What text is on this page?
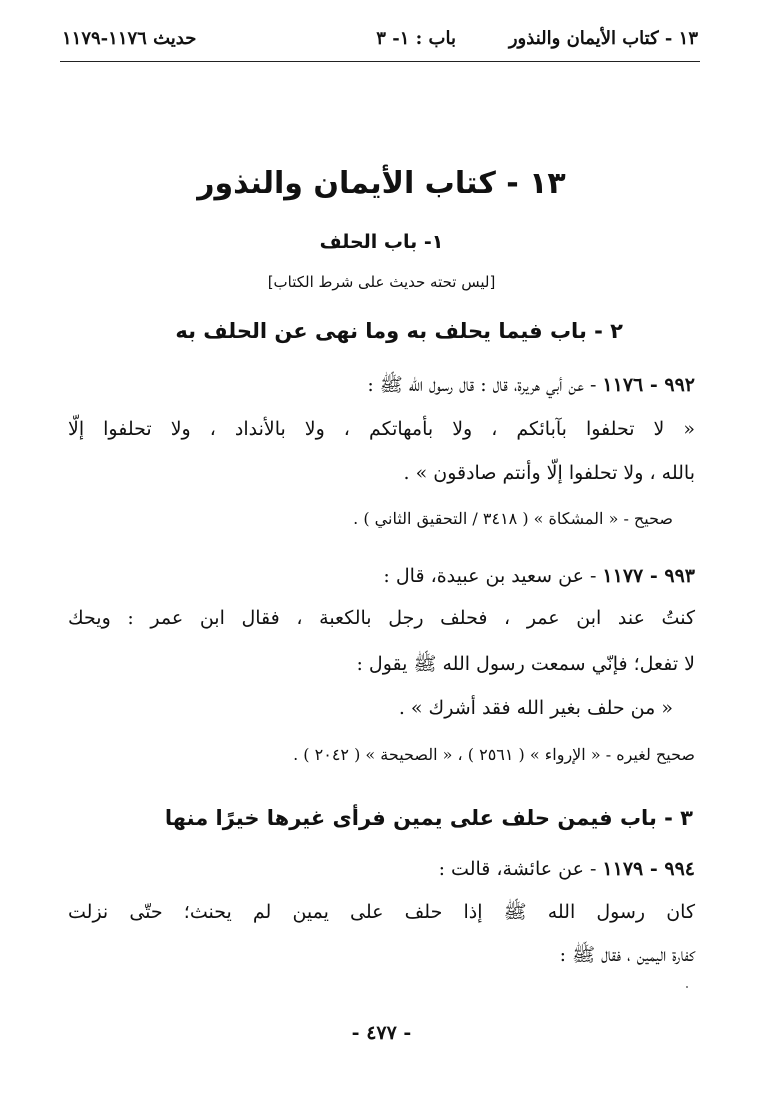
١٣ - كتاب الأيمان والنذور
باب : ١- ٣
حديث ١١٧٦-١١٧٩
١٣ - كتاب الأيمان والنذور
١- باب الحلف
[ليس تحته حديث على شرط الكتاب]
٢ - باب فيما يحلف به وما نهى عن الحلف به
٩٩٢ - ١١٧٦ - عن أبي هريرة، قال : قال رسول الله ﷺ :
« لا تحلفوا بآبائكم ، ولا بأمهاتكم ، ولا بالأنداد ، ولا تحلفوا إلّا
بالله ، ولا تحلفوا إلّا وأنتم صادقون » .
صحيح - « المشكاة » ( ٣٤١٨ / التحقيق الثاني ) .
٩٩٣ - ١١٧٧ - عن سعيد بن عبيدة، قال :
كنتُ عند ابن عمر ، فحلف رجل بالكعبة ، فقال ابن عمر : ويحك
لا تفعل؛ فإنّي سمعت رسول الله ﷺ يقول :
« من حلف بغير الله فقد أشرك » .
صحيح لغيره - « الإرواء » ( ٢٥٦١ ) ، « الصحيحة » ( ٢٠٤٢ ) .
٣ - باب فيمن حلف على يمين فرأى غيرها خيرًا منها
٩٩٤ - ١١٧٩ - عن عائشة، قالت :
كان رسول الله ﷺ إذا حلف على يمين لم يحنث؛ حتّى نزلت
كفارة اليمين ، فقال ﷺ :
- ٤٧٧ -
